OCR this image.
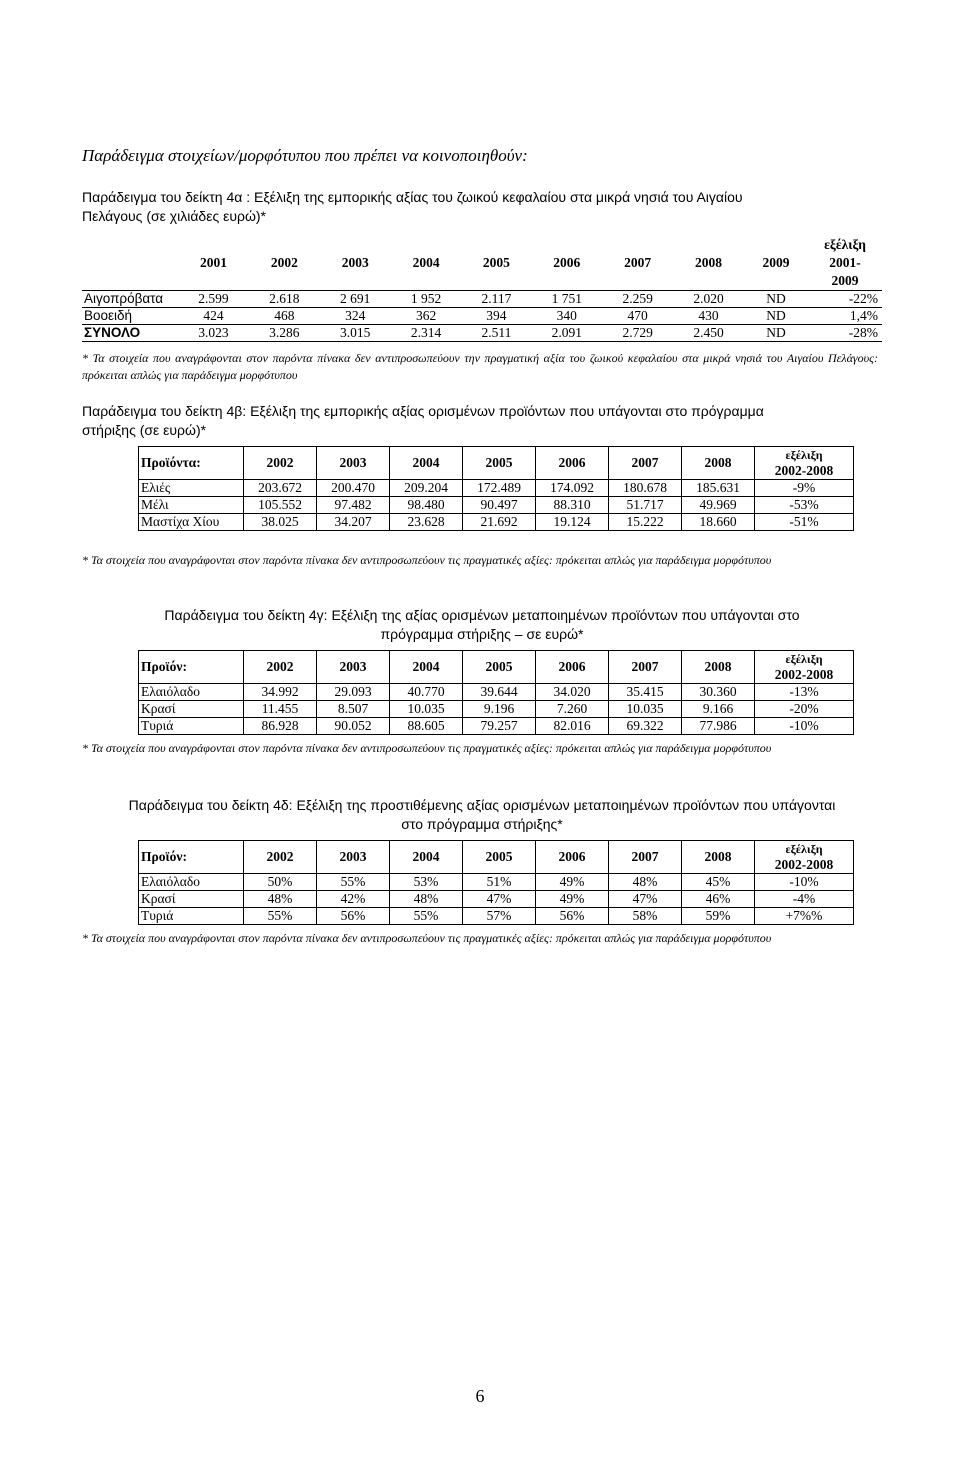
Παράδειγμα στοιχείων/μορφότυπου που πρέπει να κοινοποιηθούν:
Παράδειγμα του δείκτη 4α : Εξέλιξη της εμπορικής αξίας του ζωικού κεφαλαίου στα μικρά νησιά του Αιγαίου
Πελάγους (σε χιλιάδες ευρώ)*
	2001	2002	2003	2004	2005	2006	2007	2008	2009	εξέλιξη
2001-
2009

Αιγοπρόβατα	2.599	2.618	2 691	1 952	2.117	1 751	2.259	2.020	ND	-22%
Βοοειδή	424	468	324	362	394	340	470	430	ND	1,4%
ΣΥΝΟΛΟ	3.023	3.286	3.015	2.314	2.511	2.091	2.729	2.450	ND	-28%
* Τα στοιχεία που αναγράφονται στον παρόντα πίνακα δεν αντιπροσωπεύουν την πραγματική αξία του ζωικού κεφαλαίου στα μικρά νησιά του Αιγαίου Πελάγους: πρόκειται απλώς για παράδειγμα μορφότυπου
Παράδειγμα του δείκτη 4β: Εξέλιξη της εμπορικής αξίας ορισμένων προϊόντων που υπάγονται στο πρόγραμμα
στήριξης (σε ευρώ)*
Προϊόντα:	2002	2003	2004	2005	2006	2007	2008	εξέλιξη
2002-2008

Ελιές	203.672	200.470	209.204	172.489	174.092	180.678	185.631	-9%
Μέλι	105.552	97.482	98.480	90.497	88.310	51.717	49.969	-53%
Μαστίχα Χίου	38.025	34.207	23.628	21.692	19.124	15.222	18.660	-51%
* Τα στοιχεία που αναγράφονται στον παρόντα πίνακα δεν αντιπροσωπεύουν τις πραγματικές αξίες: πρόκειται απλώς για παράδειγμα μορφότυπου
Παράδειγμα του δείκτη 4γ: Εξέλιξη της αξίας ορισμένων μεταποιημένων προϊόντων που υπάγονται στο
πρόγραμμα στήριξης – σε ευρώ*
Προϊόν:	2002	2003	2004	2005	2006	2007	2008	εξέλιξη
2002-2008

Ελαιόλαδο	34.992	29.093	40.770	39.644	34.020	35.415	30.360	-13%
Κρασί	11.455	8.507	10.035	9.196	7.260	10.035	9.166	-20%
Τυριά	86.928	90.052	88.605	79.257	82.016	69.322	77.986	-10%
* Τα στοιχεία που αναγράφονται στον παρόντα πίνακα δεν αντιπροσωπεύουν τις πραγματικές αξίες: πρόκειται απλώς για παράδειγμα μορφότυπου
Παράδειγμα του δείκτη 4δ: Εξέλιξη της προστιθέμενης αξίας ορισμένων μεταποιημένων προϊόντων που υπάγονται
στο πρόγραμμα στήριξης*
Προϊόν:	2002	2003	2004	2005	2006	2007	2008	εξέλιξη
2002-2008

Ελαιόλαδο	50%	55%	53%	51%	49%	48%	45%	-10%
Κρασί	48%	42%	48%	47%	49%	47%	46%	-4%
Τυριά	55%	56%	55%	57%	56%	58%	59%	+7%%
* Τα στοιχεία που αναγράφονται στον παρόντα πίνακα δεν αντιπροσωπεύουν τις πραγματικές αξίες: πρόκειται απλώς για παράδειγμα μορφότυπου
6
